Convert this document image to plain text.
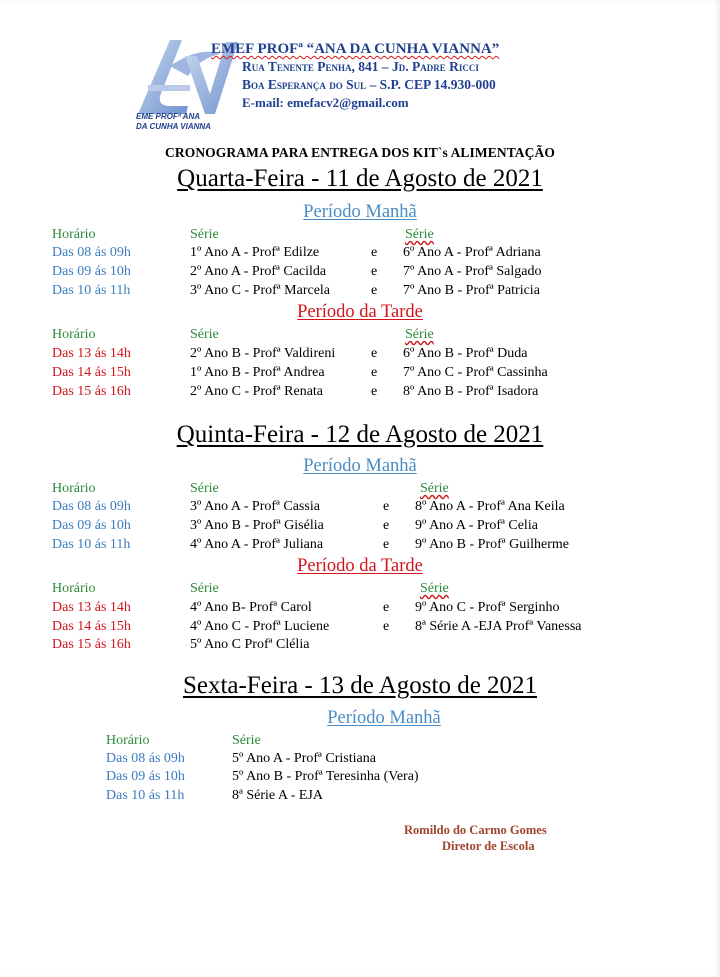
EME PROFª ANA
DA CUNHA VIANNA
EMEF PROFª “ANA DA CUNHA VIANNA”
Rua Tenente Penha, 841 – Jd. Padre Ricci
Boa Esperança do Sul – S.P. CEP 14.930-000
E-mail: emefacv2@gmail.com
CRONOGRAMA PARA ENTREGA DOS KIT`s ALIMENTAÇÃO
Quarta-Feira - 11 de Agosto de 2021
Período Manhã
Horário	Série	Série
Das 08 ás 09h	1º Ano A - Profª Edilze	e 6º Ano A - Profª Adriana
Das 09 ás 10h	2º Ano A - Profª Cacilda	e 7º Ano A - Profª Salgado
Das 10 ás 11h	3º Ano C - Profª Marcela	e 7º Ano B - Profª Patricia
Período da Tarde
Horário	Série	Série
Das 13 ás 14h	2º Ano B - Profª Valdireni	e 6º Ano B - Profª Duda
Das 14 ás 15h	1º Ano B - Profª Andrea	e 7º Ano C - Profª Cassinha
Das 15 ás 16h	2º Ano C - Profª Renata	e 8º Ano B - Profª Isadora
Quinta-Feira - 12 de Agosto de 2021
Período Manhã
Horário	Série	Série
Das 08 ás 09h	3º Ano A - Profª Cassia	e 8º Ano A - Profª Ana Keila
Das 09 ás 10h	3º Ano B - Profª Gisélia	e 9º Ano A - Profª Celia
Das 10 ás 11h	4º Ano A - Profª Juliana	e 9º Ano B - Profª Guilherme
Período da Tarde
Horário	Série	Série
Das 13 ás 14h	4º Ano B- Profª Carol	e 9º Ano C - Profª Serginho
Das 14 ás 15h	4º Ano C - Profª Luciene	e 8ª Série A -EJA Profª Vanessa
Das 15 ás 16h	5º Ano C Profª Clélia
Sexta-Feira - 13 de Agosto de 2021
Período Manhã
Horário	Série
Das 08 ás 09h	5º Ano A - Profª Cristiana
Das 09 ás 10h	5º Ano B - Profª Teresinha (Vera)
Das 10 ás 11h	8ª Série A - EJA
Romildo do Carmo Gomes
Diretor de Escola
